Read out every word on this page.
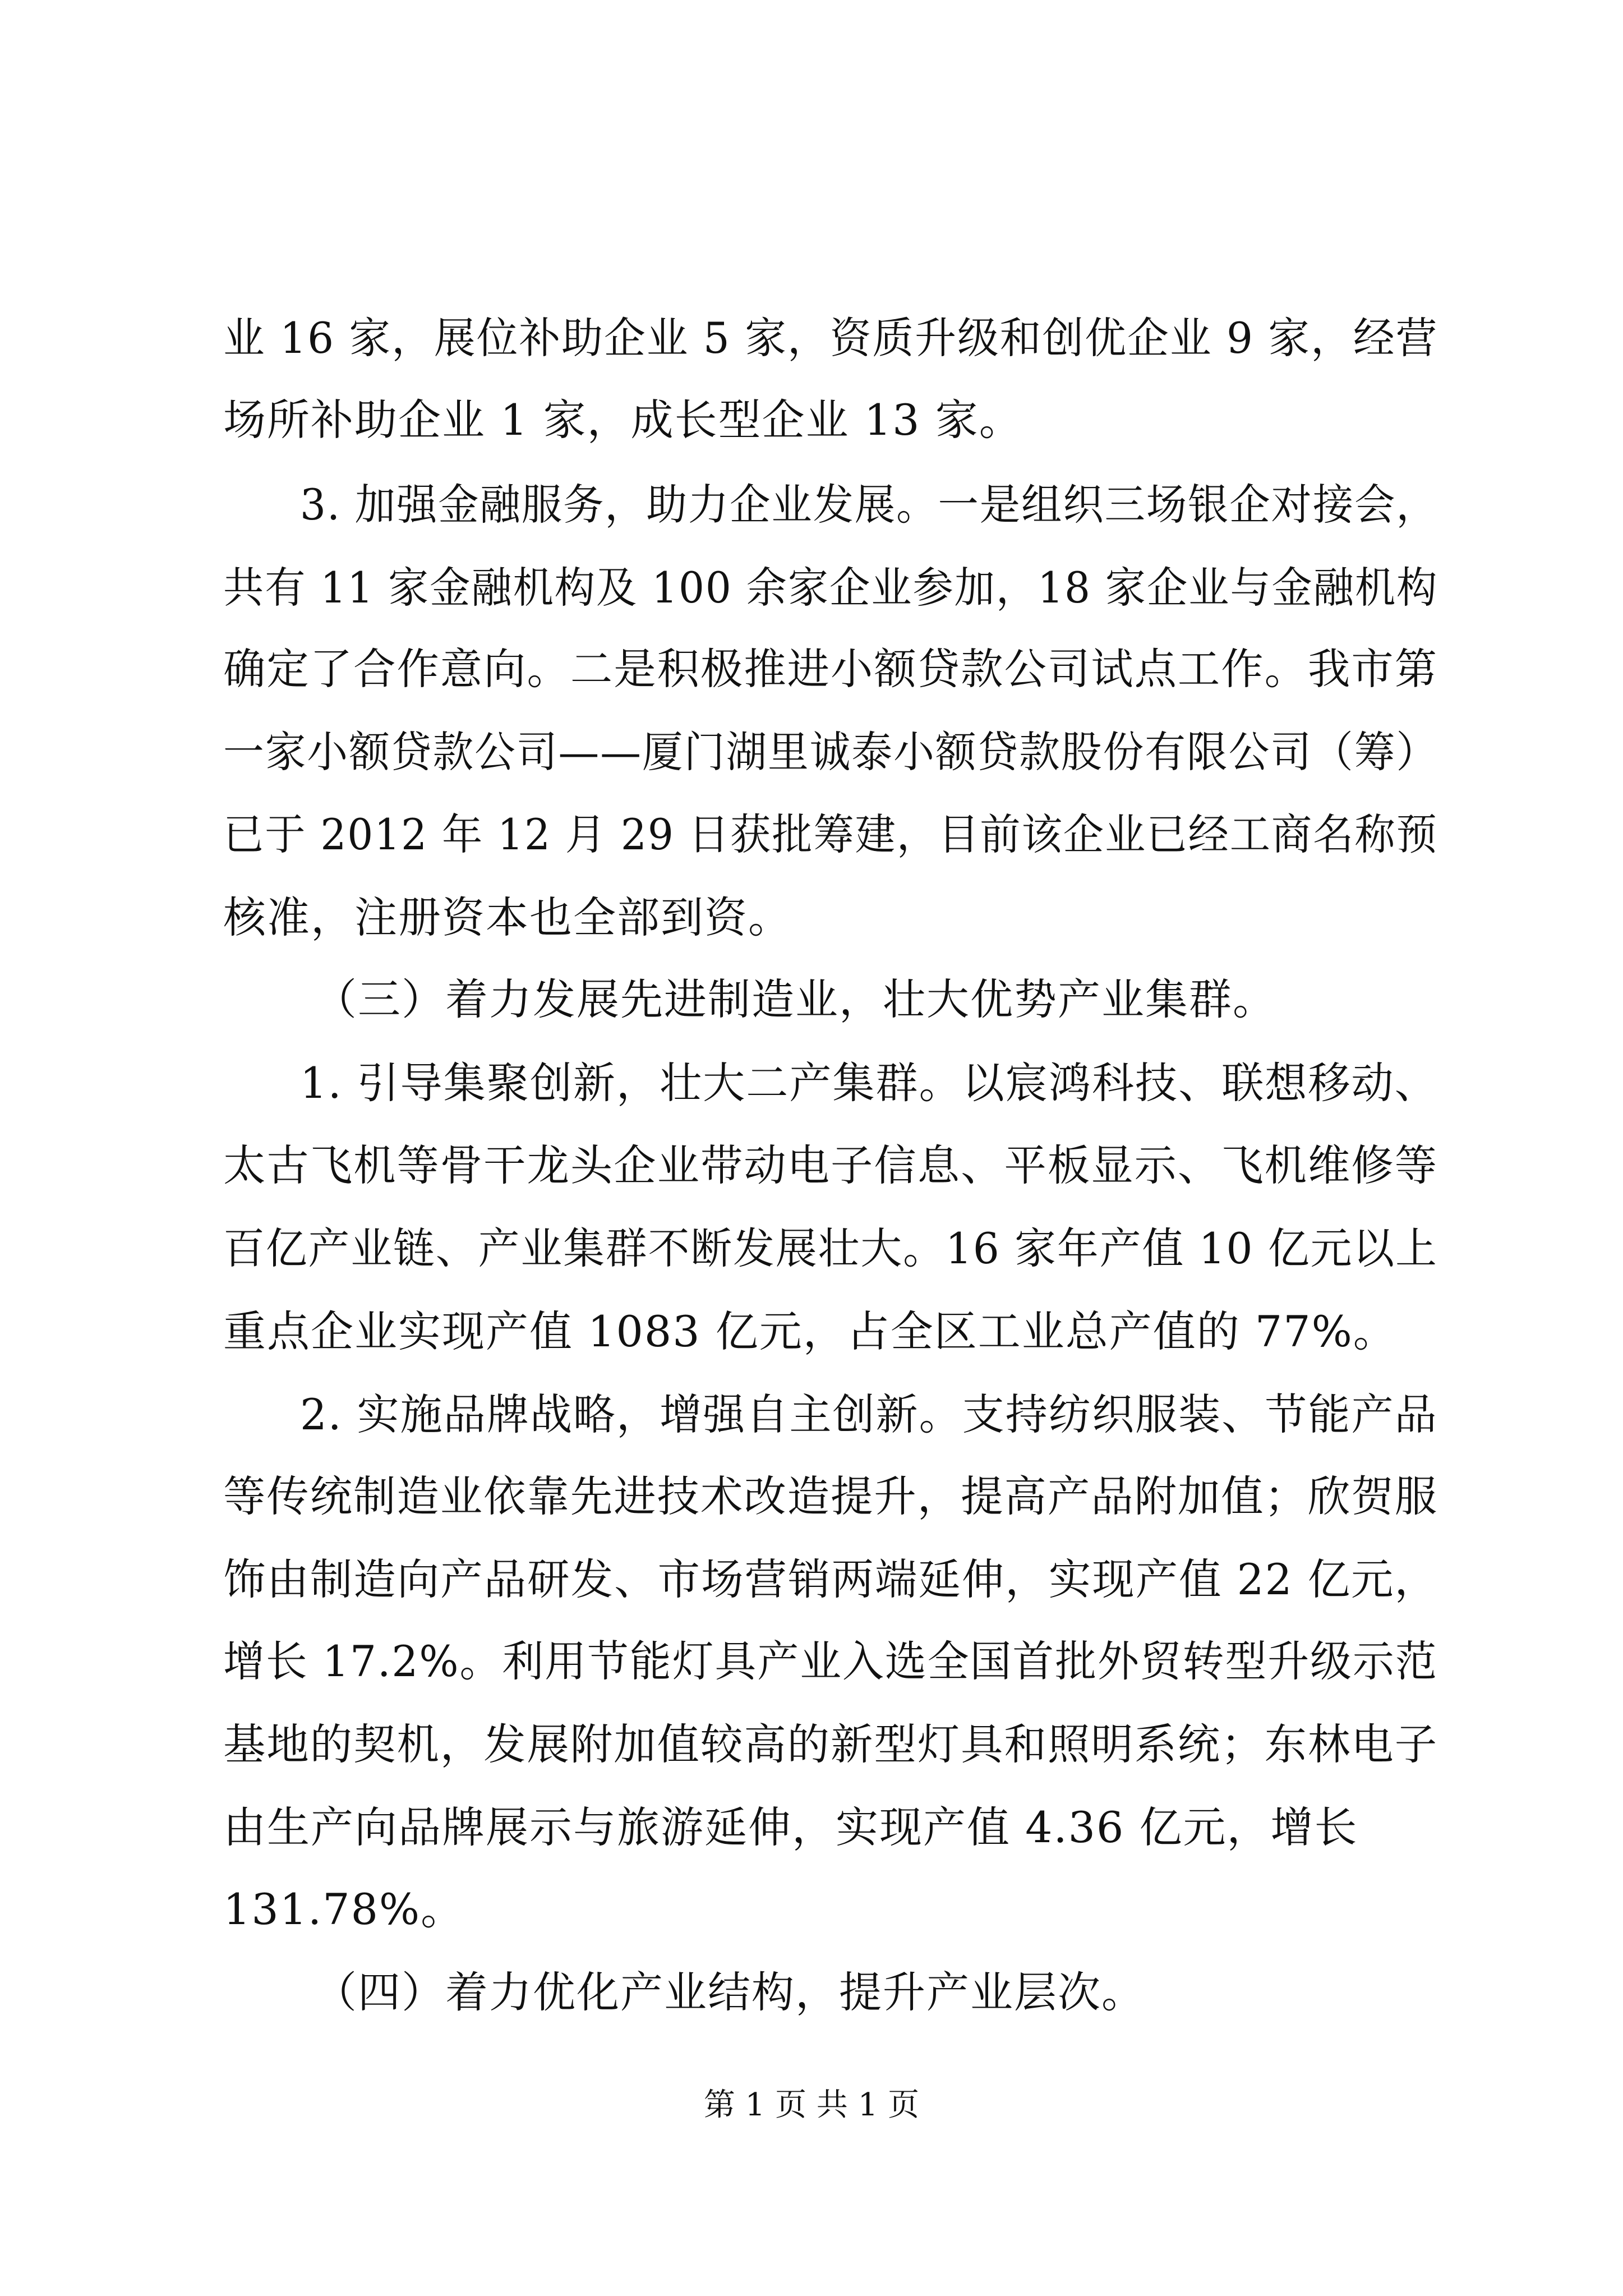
业 16 家，展位补助企业 5 家，资质升级和创优企业 9 家，经营
场所补助企业 1 家，成长型企业 13 家。
3. 加强金融服务，助力企业发展。一是组织三场银企对接会，
共有 11 家金融机构及 100 余家企业参加，18 家企业与金融机构
确定了合作意向。二是积极推进小额贷款公司试点工作。我市第
一家小额贷款公司——厦门湖里诚泰小额贷款股份有限公司（筹）
已于 2012 年 12 月 29 日获批筹建，目前该企业已经工商名称预
核准，注册资本也全部到资。
（三）着力发展先进制造业，壮大优势产业集群。
1. 引导集聚创新，壮大二产集群。以宸鸿科技、联想移动、
太古飞机等骨干龙头企业带动电子信息、平板显示、飞机维修等
百亿产业链、产业集群不断发展壮大。16 家年产值 10 亿元以上
重点企业实现产值 1083 亿元，占全区工业总产值的 77%。
2. 实施品牌战略，增强自主创新。支持纺织服装、节能产品
等传统制造业依靠先进技术改造提升，提高产品附加值；欣贺服
饰由制造向产品研发、市场营销两端延伸，实现产值 22 亿元，
增长 17.2%。利用节能灯具产业入选全国首批外贸转型升级示范
基地的契机，发展附加值较高的新型灯具和照明系统；东林电子
由生产向品牌展示与旅游延伸，实现产值 4.36 亿元，增长
131.78%。
（四）着力优化产业结构，提升产业层次。
第 1 页 共 1 页
